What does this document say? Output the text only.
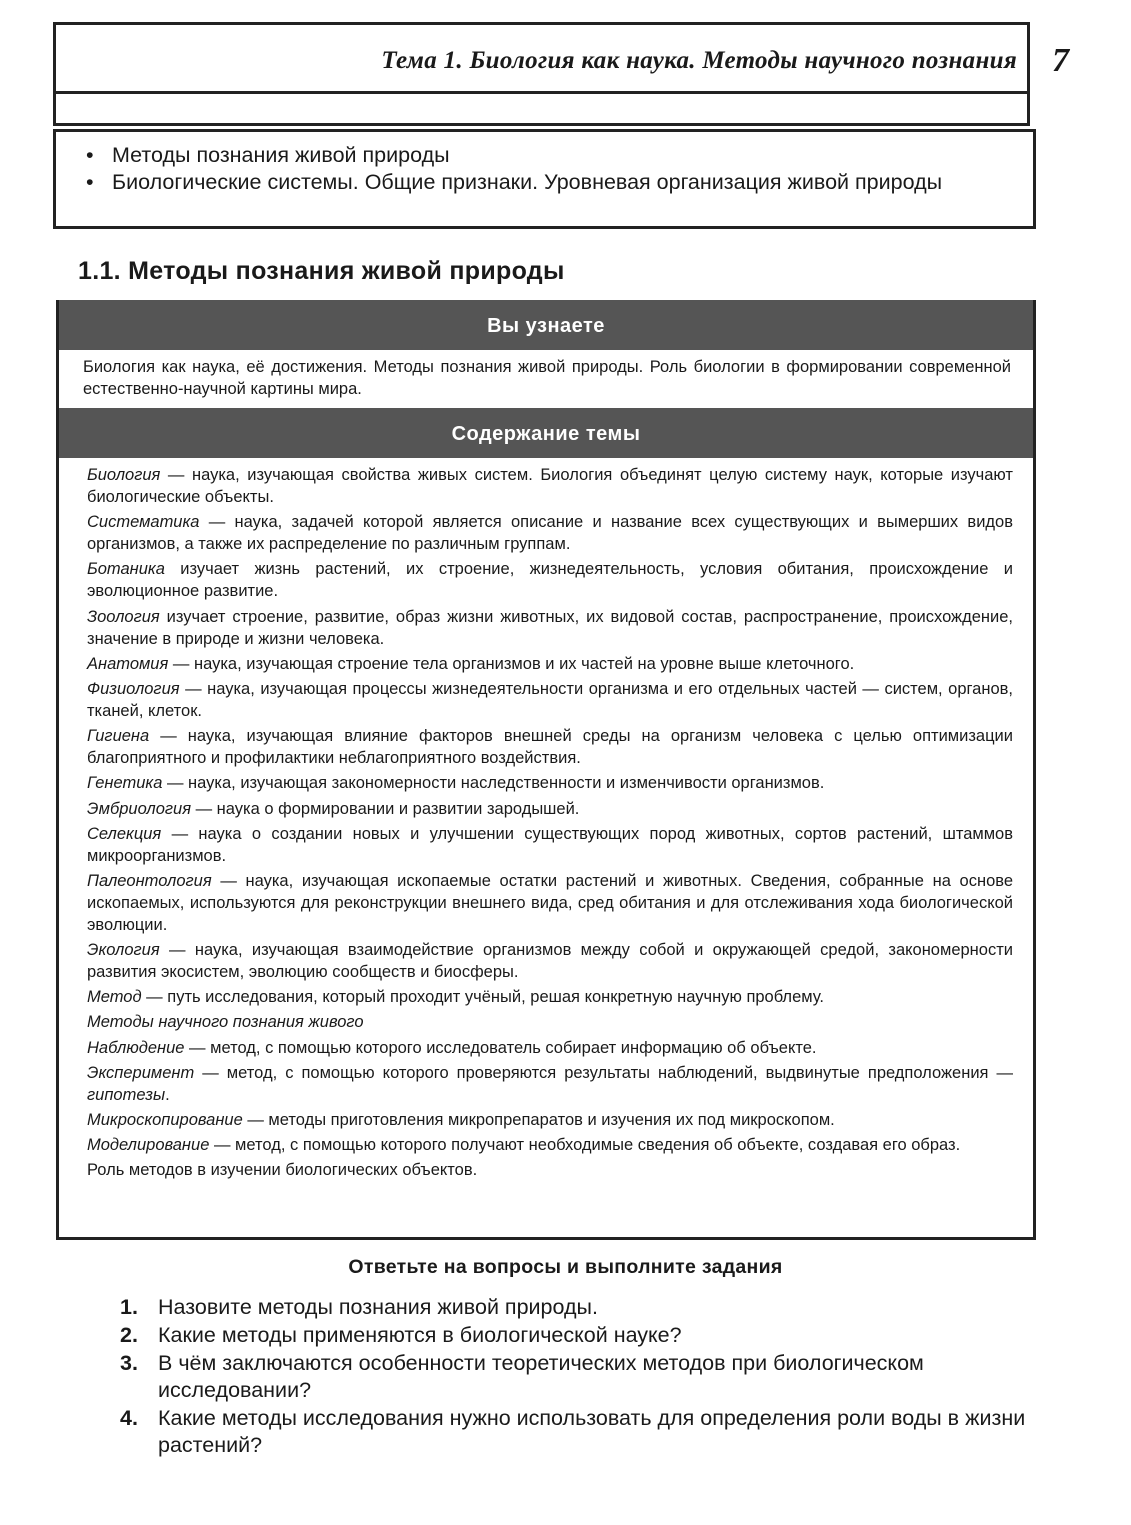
Тема 1. Биология как наука. Методы научного познания 7
• Методы познания живой природы
• Биологические системы. Общие признаки. Уровневая организация живой природы
1.1. Методы познания живой природы
Вы узнаете
Биология как наука, её достижения. Методы познания живой природы. Роль биологии в формировании современной естественно-научной картины мира.
Содержание темы

Биология — наука, изучающая свойства живых систем. Биология объединят целую систему наук, которые изучают биологические объекты.

Систематика — наука, задачей которой является описание и название всех существующих и вымерших видов организмов, а также их распределение по различным группам.

Ботаника изучает жизнь растений, их строение, жизнедеятельность, условия обитания, происхождение и эволюционное развитие.

Зоология изучает строение, развитие, образ жизни животных, их видовой состав, распространение, происхождение, значение в природе и жизни человека.

Анатомия — наука, изучающая строение тела организмов и их частей на уровне выше клеточного.

Физиология — наука, изучающая процессы жизнедеятельности организма и его отдельных частей — систем, органов, тканей, клеток.

Гигиена — наука, изучающая влияние факторов внешней среды на организм человека с целью оптимизации благоприятного и профилактики неблагоприятного воздействия.

Генетика — наука, изучающая закономерности наследственности и изменчивости организмов.

Эмбриология — наука о формировании и развитии зародышей.

Селекция — наука о создании новых и улучшении существующих пород животных, сортов растений, штаммов микроорганизмов.

Палеонтология — наука, изучающая ископаемые остатки растений и животных. Сведения, собранные на основе ископаемых, используются для реконструкции внешнего вида, сред обитания и для отслеживания хода биологической эволюции.

Экология — наука, изучающая взаимодействие организмов между собой и окружающей средой, закономерности развития экосистем, эволюцию сообществ и биосферы.

Метод — путь исследования, который проходит учёный, решая конкретную научную проблему.

Методы научного познания живого

Наблюдение — метод, с помощью которого исследователь собирает информацию об объекте.

Эксперимент — метод, с помощью которого проверяются результаты наблюдений, выдвинутые предположения — гипотезы.

Микроскопирование — методы приготовления микропрепаратов и изучения их под микроскопом.

Моделирование — метод, с помощью которого получают необходимые сведения об объекте, создавая его образ.

Роль методов в изучении биологических объектов.

Ответьте на вопросы и выполните задания
1. Назовите методы познания живой природы.
2. Какие методы применяются в биологической науке?
3. В чём заключаются особенности теоретических методов при биологическом исследовании?
4. Какие методы исследования нужно использовать для определения роли воды в жизни растений?
